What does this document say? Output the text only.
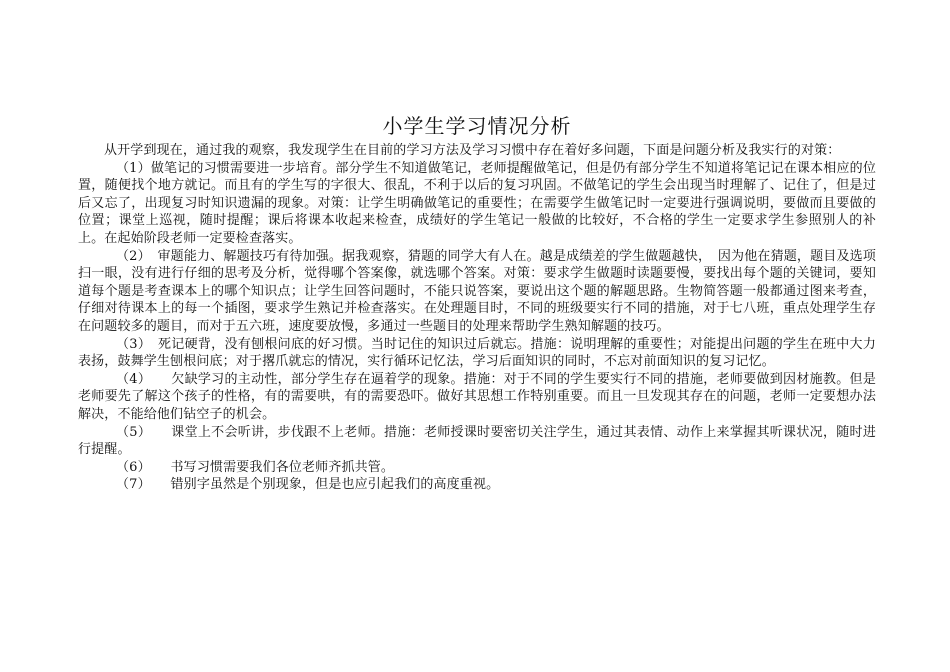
小学生学习情况分析

从开学到现在，通过我的观察，我发现学生在目前的学习方法及学习习惯中存在着好多问题，下面是问题分析及我实行的对策：

（1）做笔记的习惯需要进一步培育。部分学生不知道做笔记，老师提醒做笔记，但是仍有部分学生不知道将笔记记在课本相应的位置，随便找个地方就记。而且有的学生写的字很大、很乱，不利于以后的复习巩固。不做笔记的学生会出现当时理解了、记住了，但是过后又忘了，出现复习时知识遗漏的现象。对策：让学生明确做笔记的重要性；在需要学生做笔记时一定要进行强调说明，要做而且要做的位置；课堂上巡视，随时提醒；课后将课本收起来检查，成绩好的学生笔记一般做的比较好，不合格的学生一定要求学生参照别人的补上。在起始阶段老师一定要检查落实。

（2）　审题能力、解题技巧有待加强。据我观察，猜题的同学大有人在。越是成绩差的学生做题越快，　因为他在猜题，题目及选项扫一眼，没有进行仔细的思考及分析，觉得哪个答案像，就选哪个答案。对策：要求学生做题时读题要慢，要找出每个题的关键词，要知道每个题是考查课本上的哪个知识点；让学生回答问题时，不能只说答案，要说出这个题的解题思路。生物简答题一般都通过图来考查，仔细对待课本上的每一个插图，要求学生熟记并检查落实。在处理题目时，不同的班级要实行不同的措施，对于七八班，重点处理学生存在问题较多的题目，而对于五六班，速度要放慢，多通过一些题目的处理来帮助学生熟知解题的技巧。

（3）　死记硬背，没有刨根问底的好习惯。当时记住的知识过后就忘。措施：说明理解的重要性；对能提出问题的学生在班中大力表扬，鼓舞学生刨根问底；对于撂爪就忘的情况，实行循环记忆法，学习后面知识的同时，不忘对前面知识的复习记忆。

（4）　　欠缺学习的主动性，部分学生存在逼着学的现象。措施：对于不同的学生要实行不同的措施，老师要做到因材施教。但是老师要先了解这个孩子的性格，有的需要哄，有的需要恐吓。做好其思想工作特别重要。而且一旦发现其存在的问题，老师一定要想办法解决，不能给他们钻空子的机会。

（5）　　课堂上不会听讲，步伐跟不上老师。措施：老师授课时要密切关注学生，通过其表情、动作上来掌握其听课状况，随时进行提醒。

（6）　　书写习惯需要我们各位老师齐抓共管。

（7）　　错别字虽然是个别现象，但是也应引起我们的高度重视。
